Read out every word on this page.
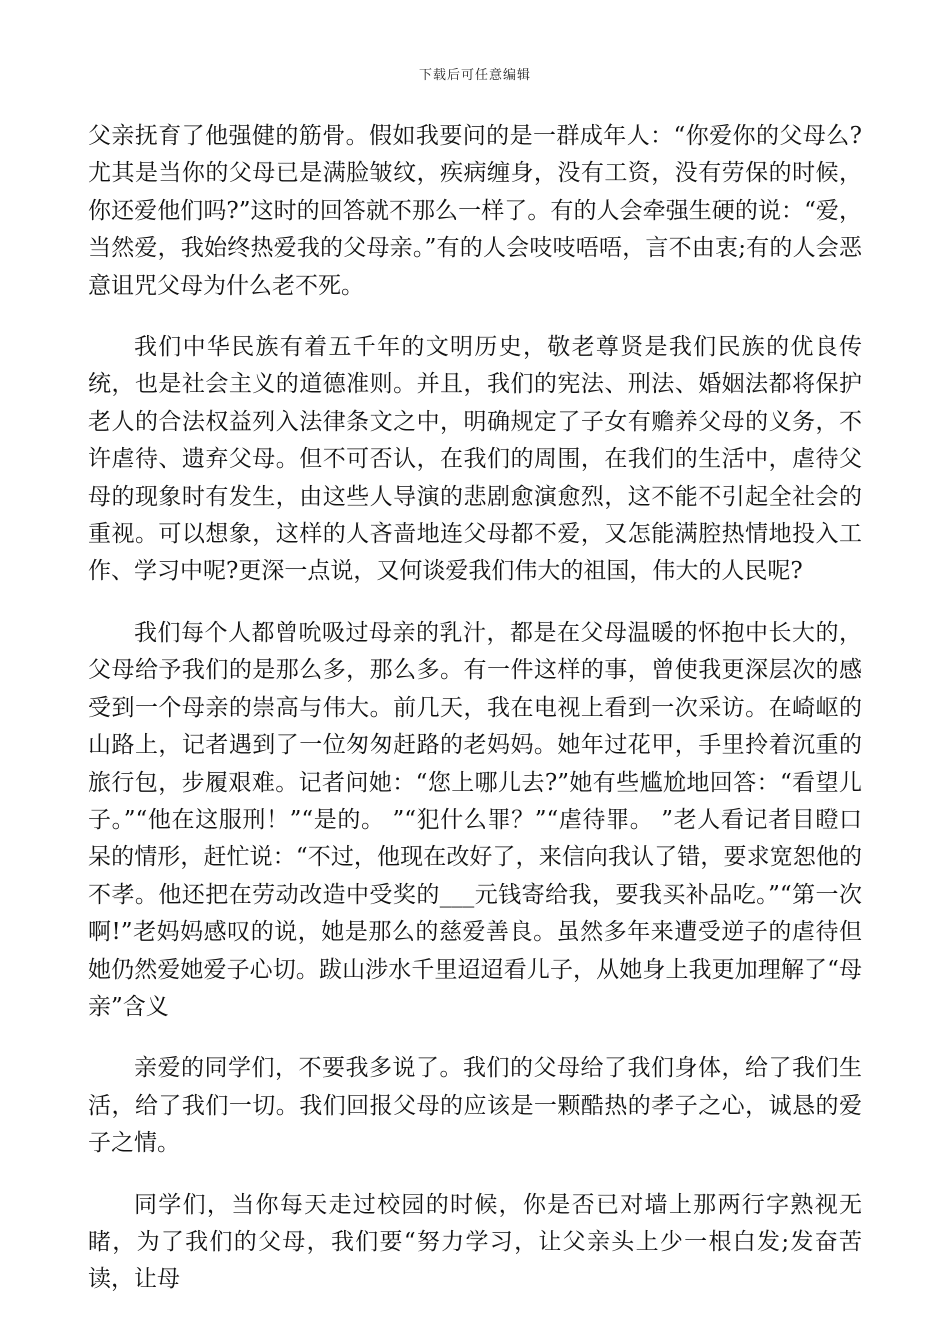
下载后可任意编辑

父亲抚育了他强健的筋骨。假如我要问的是一群成年人：“你爱你的父母么?尤其是当你的父母已是满脸皱纹，疾病缠身，没有工资，没有劳保的时候，你还爱他们吗?”这时的回答就不那么一样了。有的人会牵强生硬的说：“爱，当然爱，我始终热爱我的父母亲。”有的人会吱吱唔唔，言不由衷;有的人会恶意诅咒父母为什么老不死。

我们中华民族有着五千年的文明历史，敬老尊贤是我们民族的优良传统，也是社会主义的道德准则。并且，我们的宪法、刑法、婚姻法都将保护老人的合法权益列入法律条文之中，明确规定了子女有赡养父母的义务，不许虐待、遗弃父母。但不可否认，在我们的周围，在我们的生活中，虐待父母的现象时有发生，由这些人导演的悲剧愈演愈烈，这不能不引起全社会的重视。可以想象，这样的人吝啬地连父母都不爱，又怎能满腔热情地投入工作、学习中呢?更深一点说，又何谈爱我们伟大的祖国，伟大的人民呢?

我们每个人都曾吮吸过母亲的乳汁，都是在父母温暖的怀抱中长大的，父母给予我们的是那么多，那么多。有一件这样的事，曾使我更深层次的感受到一个母亲的崇高与伟大。前几天，我在电视上看到一次采访。在崎岖的山路上，记者遇到了一位匆匆赶路的老妈妈。她年过花甲，手里拎着沉重的旅行包，步履艰难。记者问她：“您上哪儿去?”她有些尴尬地回答：“看望儿子。”“他在这服刑！”“是的。 ”“犯什么罪？”“虐待罪。 ”老人看记者目瞪口呆的情形，赶忙说：“不过，他现在改好了，来信向我认了错，要求宽恕他的不孝。他还把在劳动改造中受奖的___元钱寄给我，要我买补品吃。”“第一次啊!”老妈妈感叹的说，她是那么的慈爱善良。虽然多年来遭受逆子的虐待但她仍然爱她爱子心切。跋山涉水千里迢迢看儿子，从她身上我更加理解了“母亲”含义

亲爱的同学们，不要我多说了。我们的父母给了我们身体，给了我们生活，给了我们一切。我们回报父母的应该是一颗酷热的孝子之心，诚恳的爱子之情。

同学们，当你每天走过校园的时候，你是否已对墙上那两行字熟视无睹，为了我们的父母，我们要“努力学习，让父亲头上少一根白发;发奋苦读，让母
